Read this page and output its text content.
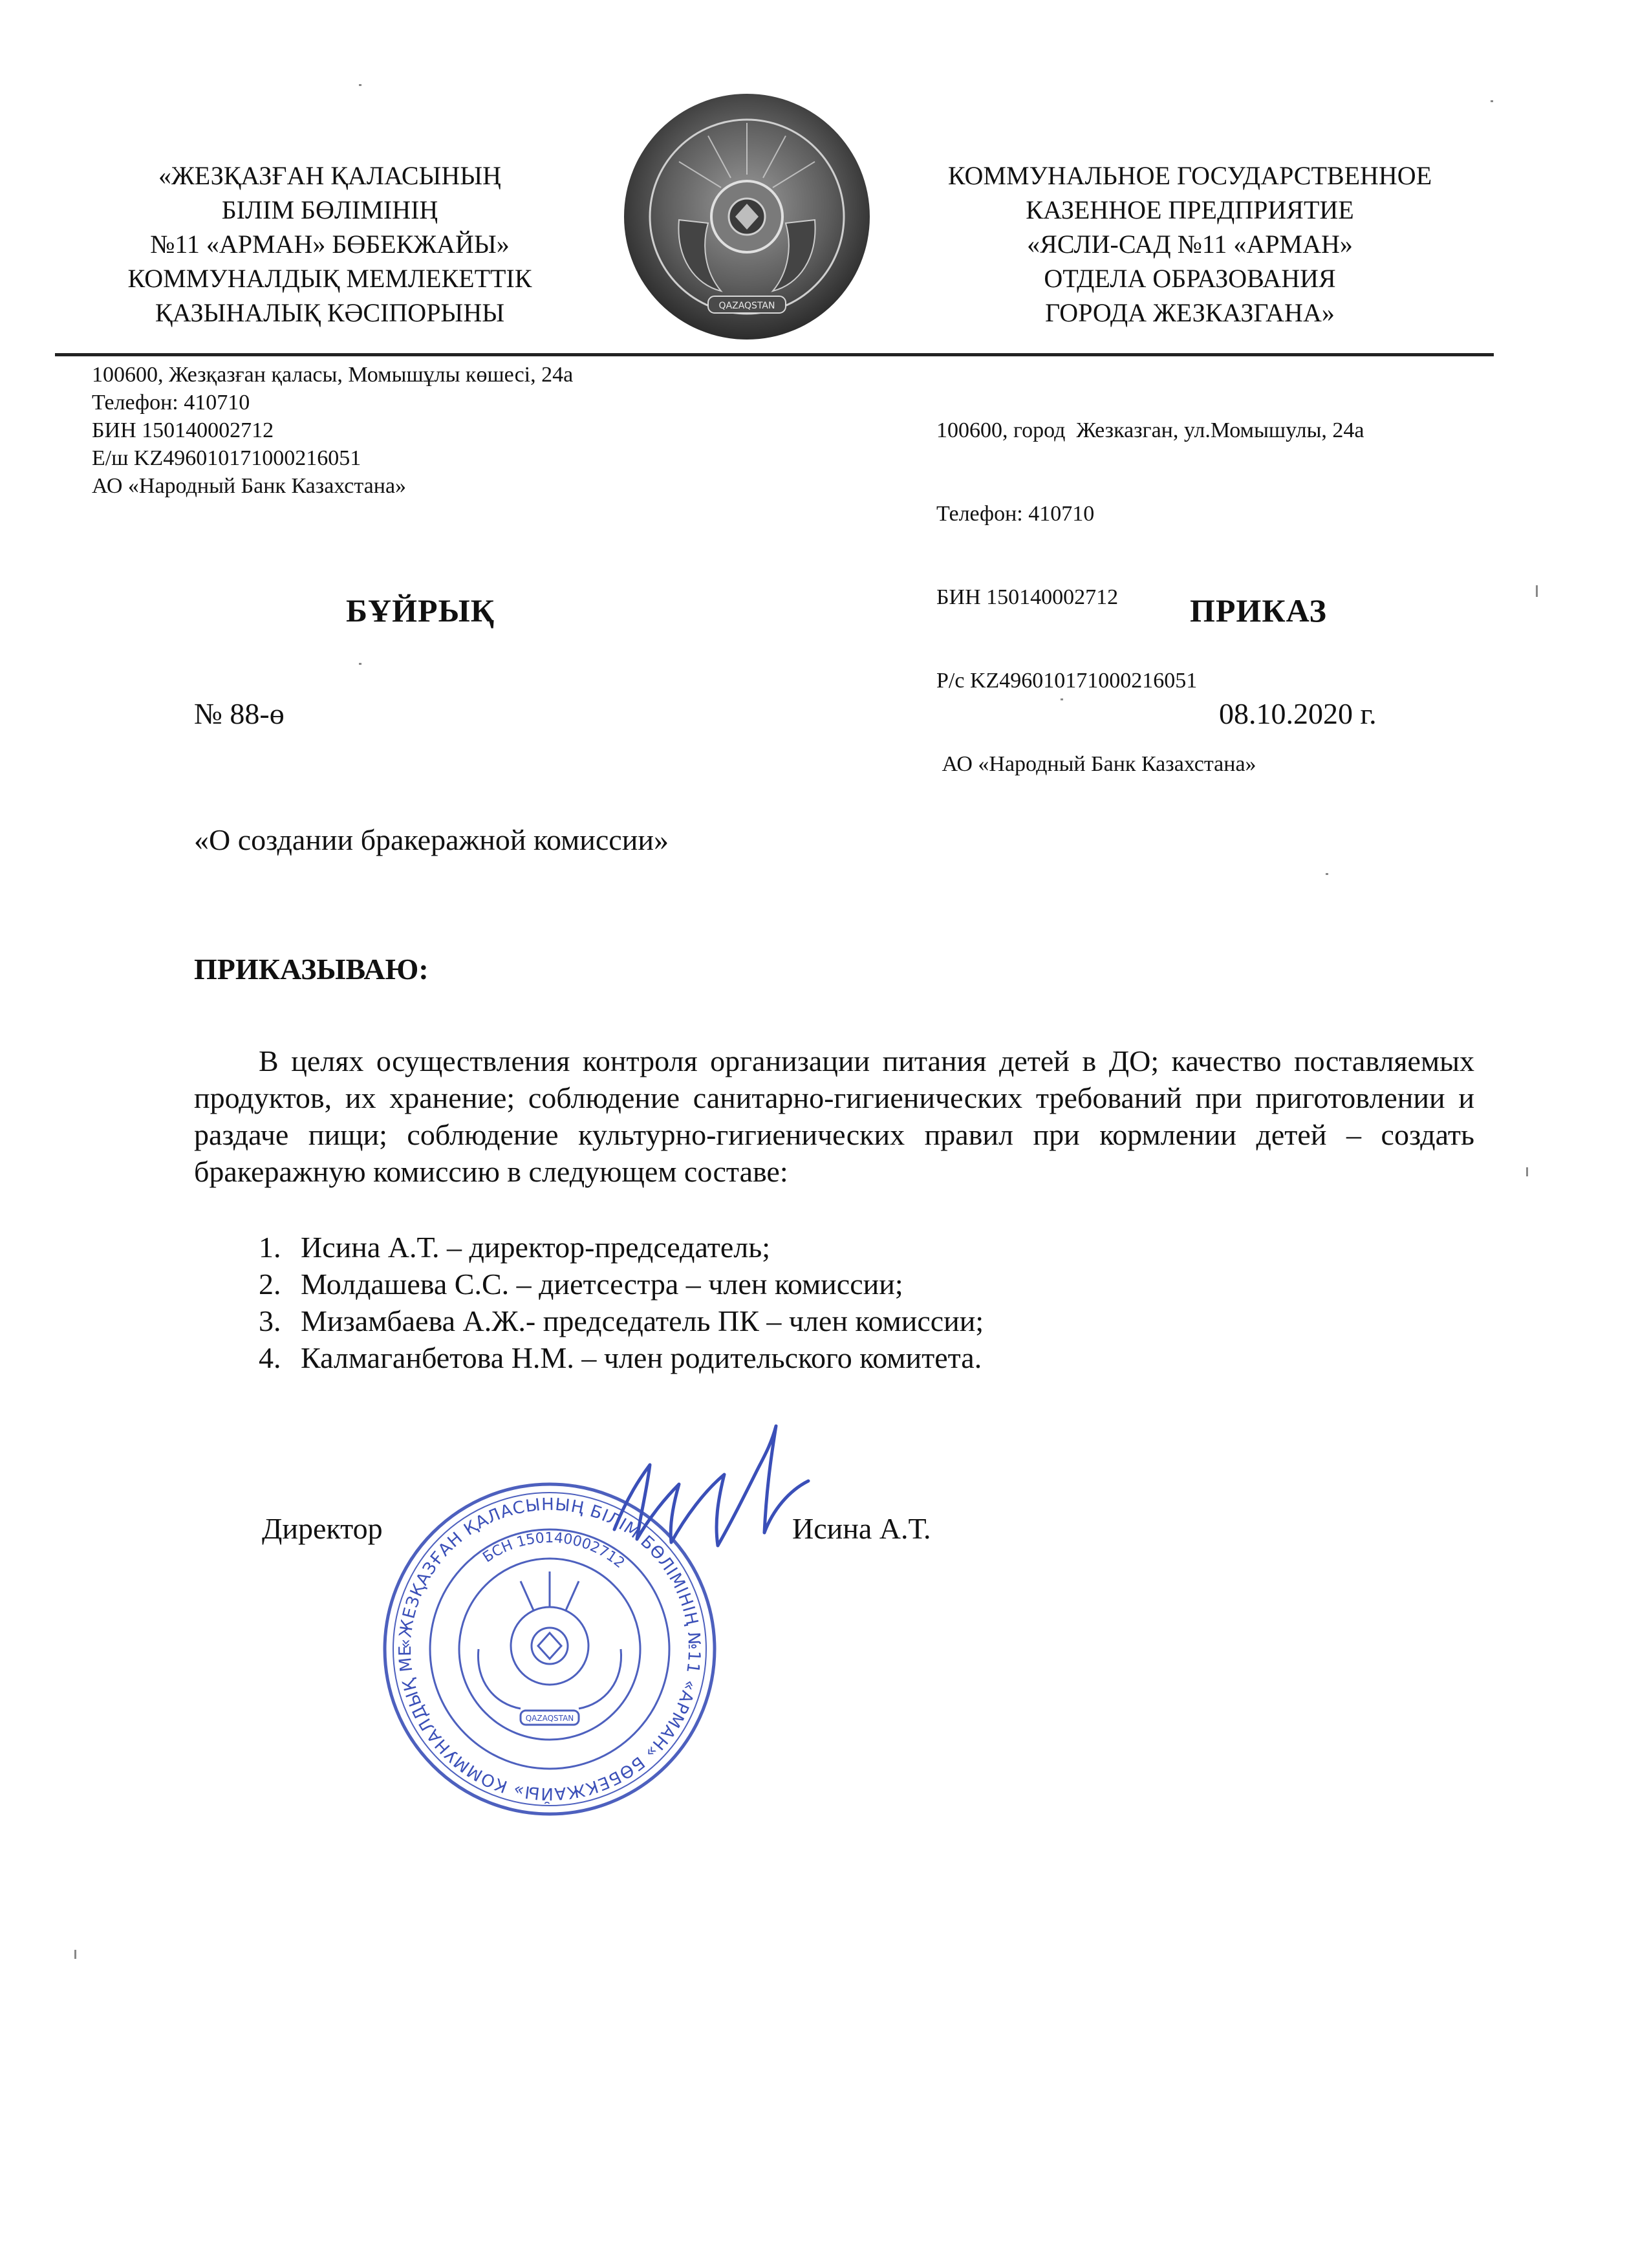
«ЖЕЗҚАЗҒАН ҚАЛАСЫНЫҢ
БІЛІМ БӨЛІМІНІҢ
№11 «АРМАН» БӨБЕКЖАЙЫ»
КОММУНАЛДЫҚ МЕМЛЕКЕТТІК
ҚАЗЫНАЛЫҚ КӘСІПОРЫНЫ	QAZAQSTAN
КОММУНАЛЬНОЕ ГОСУДАРСТВЕННОЕ
КАЗЕННОЕ ПРЕДПРИЯТИЕ
«ЯСЛИ-САД №11 «АРМАН»
ОТДЕЛА ОБРАЗОВАНИЯ
ГОРОДА ЖЕЗКАЗГАНА»
100600, Жезқазған қаласы, Момышұлы көшесі, 24а
Телефон: 410710
БИН 150140002712
Е/ш KZ496010171000216051
АО «Народный Банк Казахстана»

100600, город  Жезказган, ул.Момышулы, 24а

Телефон: 410710

БИН 150140002712

Р/с KZ496010171000216051

АО «Народный Банк Казахстана»

БҰЙРЫҚ	ПРИКАЗ
№ 88-ө	08.10.2020 г.
«О создании бракеражной комиссии»
ПРИКАЗЫВАЮ:
В целях осуществления контроля организации питания детей в ДО; качество поставляемых продуктов, их хранение; соблюдение санитарно-гигиенических требований при приготовлении и раздаче пищи; соблюдение культурно-гигиенических правил при кормлении детей – создать бракеражную комиссию в следующем составе:
1. Исина А.Т. – директор-председатель;
2. Молдашева С.С. – диетсестра – член комиссии;
3. Мизамбаева А.Ж.- председатель ПК – член комиссии;
4. Калмаганбетова Н.М. – член родительского комитета.
«ЖЕЗҚАЗҒАН ҚАЛАСЫНЫҢ БІЛІМ БӨЛІМІНІҢ №11 «АРМАН» БӨБЕКЖАЙЫ» КОММУНАЛДЫҚ МЕ
БСН 150140002712
QAZAQSTAN
Директор	Исина А.Т.
